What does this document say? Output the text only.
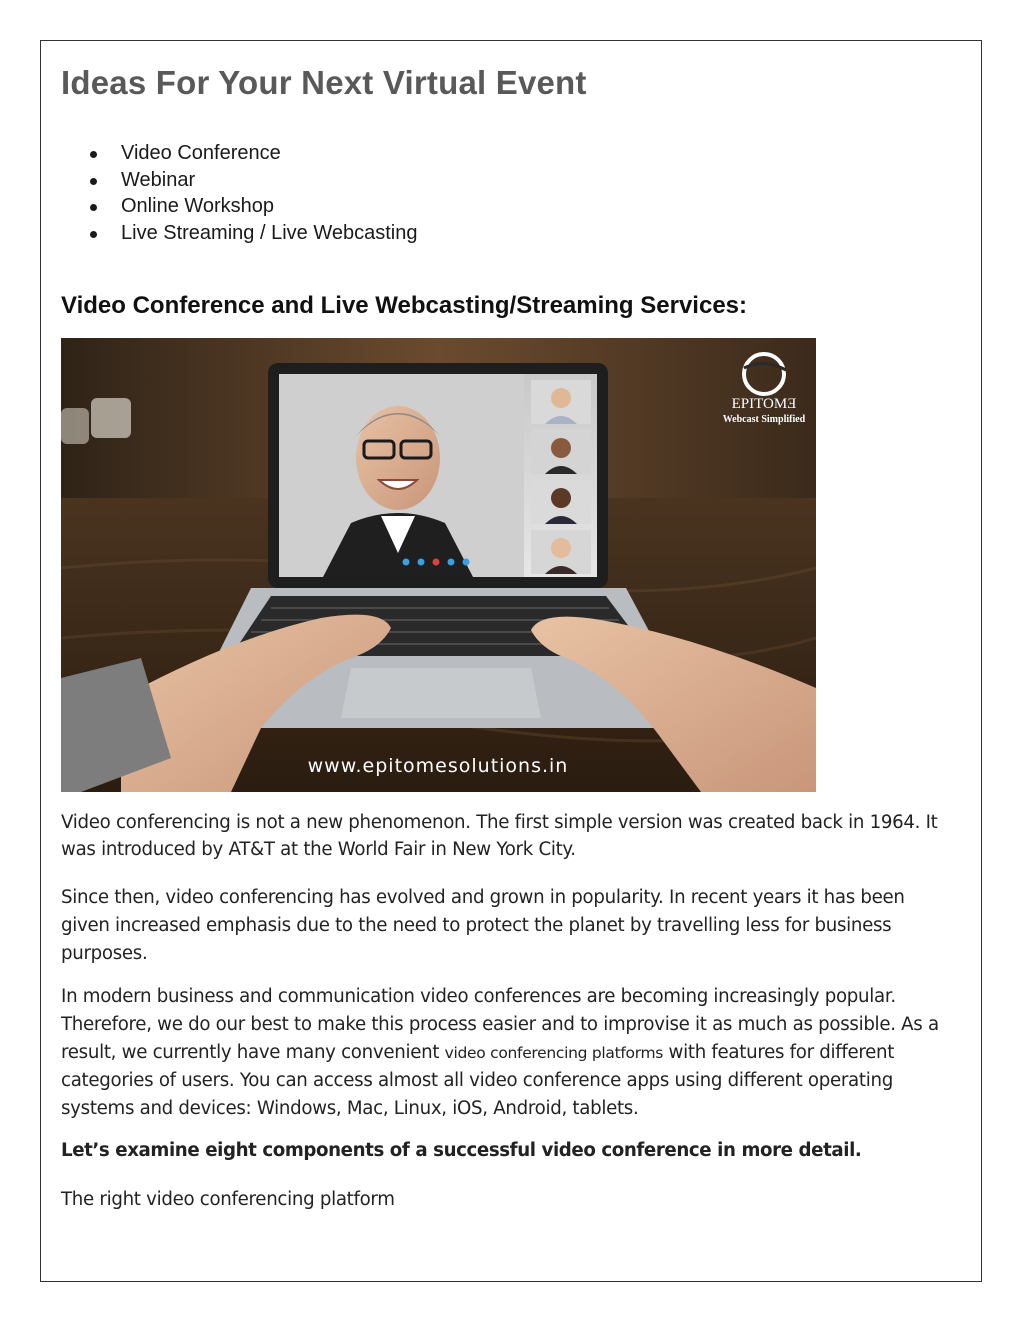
Ideas For Your Next Virtual Event
Video Conference
Webinar
Online Workshop
Live Streaming / Live Webcasting
Video Conference and Live Webcasting/Streaming Services:
EPITOMƎ
Webcast Simplified
www.epitomesolutions.in

Video conferencing is not a new phenomenon. The first simple version was created back in 1964. It was introduced by AT&T at the World Fair in New York City.

Since then, video conferencing has evolved and grown in popularity. In recent years it has been given increased emphasis due to the need to protect the planet by travelling less for business purposes.

In modern business and communication video conferences are becoming increasingly popular. Therefore, we do our best to make this process easier and to improvise it as much as possible. As a result, we currently have many convenient video conferencing platforms with features for different categories of users. You can access almost all video conference apps using different operating systems and devices: Windows, Mac, Linux, iOS, Android, tablets.

Let’s examine eight components of a successful video conference in more detail.

The right video conferencing platform
